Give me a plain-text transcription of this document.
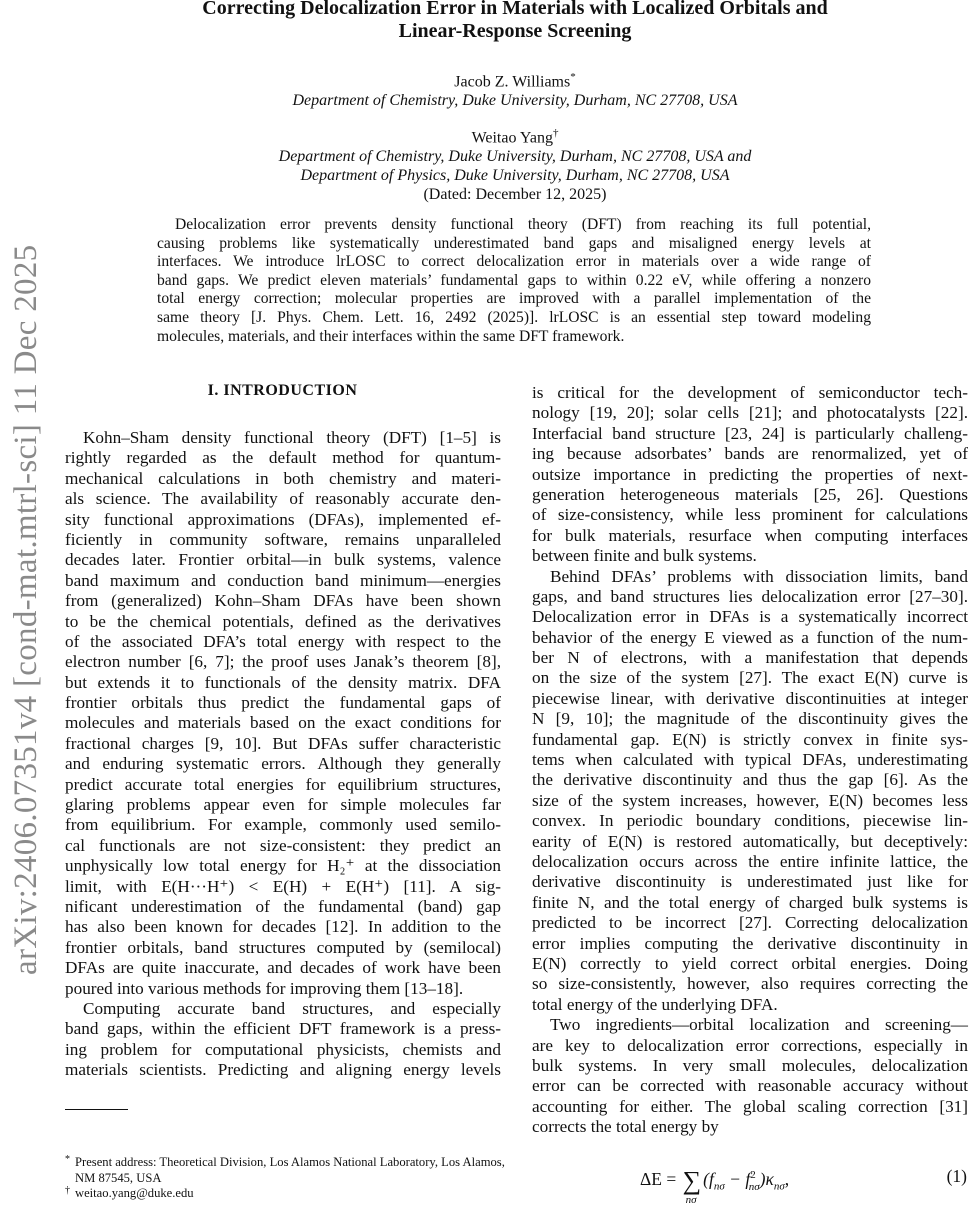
arXiv:2406.07351v4 [cond-mat.mtrl-sci] 11 Dec 2025
Correcting Delocalization Error in Materials with Localized Orbitals and
Linear-Response Screening
Jacob Z. Williams*
Department of Chemistry, Duke University, Durham, NC 27708, USA
Weitao Yang†
Department of Chemistry, Duke University, Durham, NC 27708, USA and
Department of Physics, Duke University, Durham, NC 27708, USA
(Dated: December 12, 2025)
Delocalization error prevents density functional theory (DFT) from reaching its full potential,
causing problems like systematically underestimated band gaps and misaligned energy levels at
interfaces. We introduce lrLOSC to correct delocalization error in materials over a wide range of
band gaps. We predict eleven materials’ fundamental gaps to within 0.22 eV, while offering a nonzero
total energy correction; molecular properties are improved with a parallel implementation of the
same theory [J. Phys. Chem. Lett. 16, 2492 (2025)]. lrLOSC is an essential step toward modeling
molecules, materials, and their interfaces within the same DFT framework.
I. INTRODUCTION
Kohn–Sham density functional theory (DFT) [1–5] is
rightly regarded as the default method for quantum-
mechanical calculations in both chemistry and materi-
als science. The availability of reasonably accurate den-
sity functional approximations (DFAs), implemented ef-
ficiently in community software, remains unparalleled
decades later. Frontier orbital—in bulk systems, valence
band maximum and conduction band minimum—energies
from (generalized) Kohn–Sham DFAs have been shown
to be the chemical potentials, defined as the derivatives
of the associated DFA’s total energy with respect to the
electron number [6, 7]; the proof uses Janak’s theorem [8],
but extends it to functionals of the density matrix. DFA
frontier orbitals thus predict the fundamental gaps of
molecules and materials based on the exact conditions for
fractional charges [9, 10]. But DFAs suffer characteristic
and enduring systematic errors. Although they generally
predict accurate total energies for equilibrium structures,
glaring problems appear even for simple molecules far
from equilibrium. For example, commonly used semilo-
cal functionals are not size-consistent: they predict an
unphysically low total energy for H₂⁺ at the dissociation
limit, with E(H···H⁺) < E(H) + E(H⁺) [11]. A sig-
nificant underestimation of the fundamental (band) gap
has also been known for decades [12]. In addition to the
frontier orbitals, band structures computed by (semilocal)
DFAs are quite inaccurate, and decades of work have been
poured into various methods for improving them [13–18].
Computing accurate band structures, and especially
band gaps, within the efficient DFT framework is a press-
ing problem for computational physicists, chemists and
materials scientists. Predicting and aligning energy levels
is critical for the development of semiconductor tech-
nology [19, 20]; solar cells [21]; and photocatalysts [22].
Interfacial band structure [23, 24] is particularly challeng-
ing because adsorbates’ bands are renormalized, yet of
outsize importance in predicting the properties of next-
generation heterogeneous materials [25, 26]. Questions
of size-consistency, while less prominent for calculations
for bulk materials, resurface when computing interfaces
between finite and bulk systems.
Behind DFAs’ problems with dissociation limits, band
gaps, and band structures lies delocalization error [27–30].
Delocalization error in DFAs is a systematically incorrect
behavior of the energy E viewed as a function of the num-
ber N of electrons, with a manifestation that depends
on the size of the system [27]. The exact E(N) curve is
piecewise linear, with derivative discontinuities at integer
N [9, 10]; the magnitude of the discontinuity gives the
fundamental gap. E(N) is strictly convex in finite sys-
tems when calculated with typical DFAs, underestimating
the derivative discontinuity and thus the gap [6]. As the
size of the system increases, however, E(N) becomes less
convex. In periodic boundary conditions, piecewise lin-
earity of E(N) is restored automatically, but deceptively:
delocalization occurs across the entire infinite lattice, the
derivative discontinuity is underestimated just like for
finite N, and the total energy of charged bulk systems is
predicted to be incorrect [27]. Correcting delocalization
error implies computing the derivative discontinuity in
E(N) correctly to yield correct orbital energies. Doing
so size-consistently, however, also requires correcting the
total energy of the underlying DFA.
Two ingredients—orbital localization and screening—
are key to delocalization error corrections, especially in
bulk systems. In very small molecules, delocalization
error can be corrected with reasonable accuracy without
accounting for either. The global scaling correction [31]
corrects the total energy by
* Present address: Theoretical Division, Los Alamos National Laboratory, Los Alamos, NM 87545, USA
† weitao.yang@duke.edu
ΔE = ∑
nσ
$(f_{n\sigma} - f^2_{n\sigma})\kappa_{n\sigma}$,	(1)
